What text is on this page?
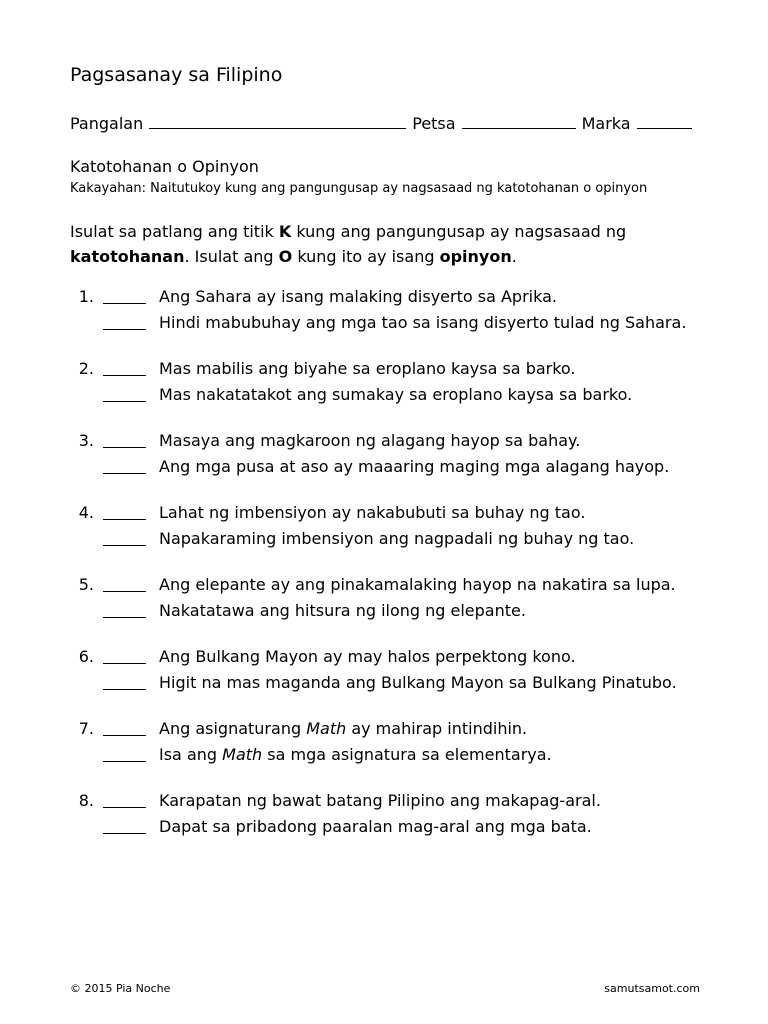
Pagsasanay sa Filipino
Pangalan	Petsa	Marka
Katotohanan o Opinyon
Kakayahan: Naitutukoy kung ang pangungusap ay nagsasaad ng katotohanan o opinyon
Isulat sa patlang ang titik K kung ang pangungusap ay nagsasaad ng katotohanan. Isulat ang O kung ito ay isang opinyon.
1.	Ang Sahara ay isang malaking disyerto sa Aprika.
Hindi mabubuhay ang mga tao sa isang disyerto tulad ng Sahara.
2.	Mas mabilis ang biyahe sa eroplano kaysa sa barko.
Mas nakatatakot ang sumakay sa eroplano kaysa sa barko.
3.	Masaya ang magkaroon ng alagang hayop sa bahay.
Ang mga pusa at aso ay maaaring maging mga alagang hayop.
4.	Lahat ng imbensiyon ay nakabubuti sa buhay ng tao.
Napakaraming imbensiyon ang nagpadali ng buhay ng tao.
5.	Ang elepante ay ang pinakamalaking hayop na nakatira sa lupa.
Nakatatawa ang hitsura ng ilong ng elepante.
6.	Ang Bulkang Mayon ay may halos perpektong kono.
Higit na mas maganda ang Bulkang Mayon sa Bulkang Pinatubo.
7.	Ang asignaturang Math ay mahirap intindihin.
Isa ang Math sa mga asignatura sa elementarya.
8.	Karapatan ng bawat batang Pilipino ang makapag-aral.
Dapat sa pribadong paaralan mag-aral ang mga bata.
© 2015 Pia Noche	samutsamot.com
